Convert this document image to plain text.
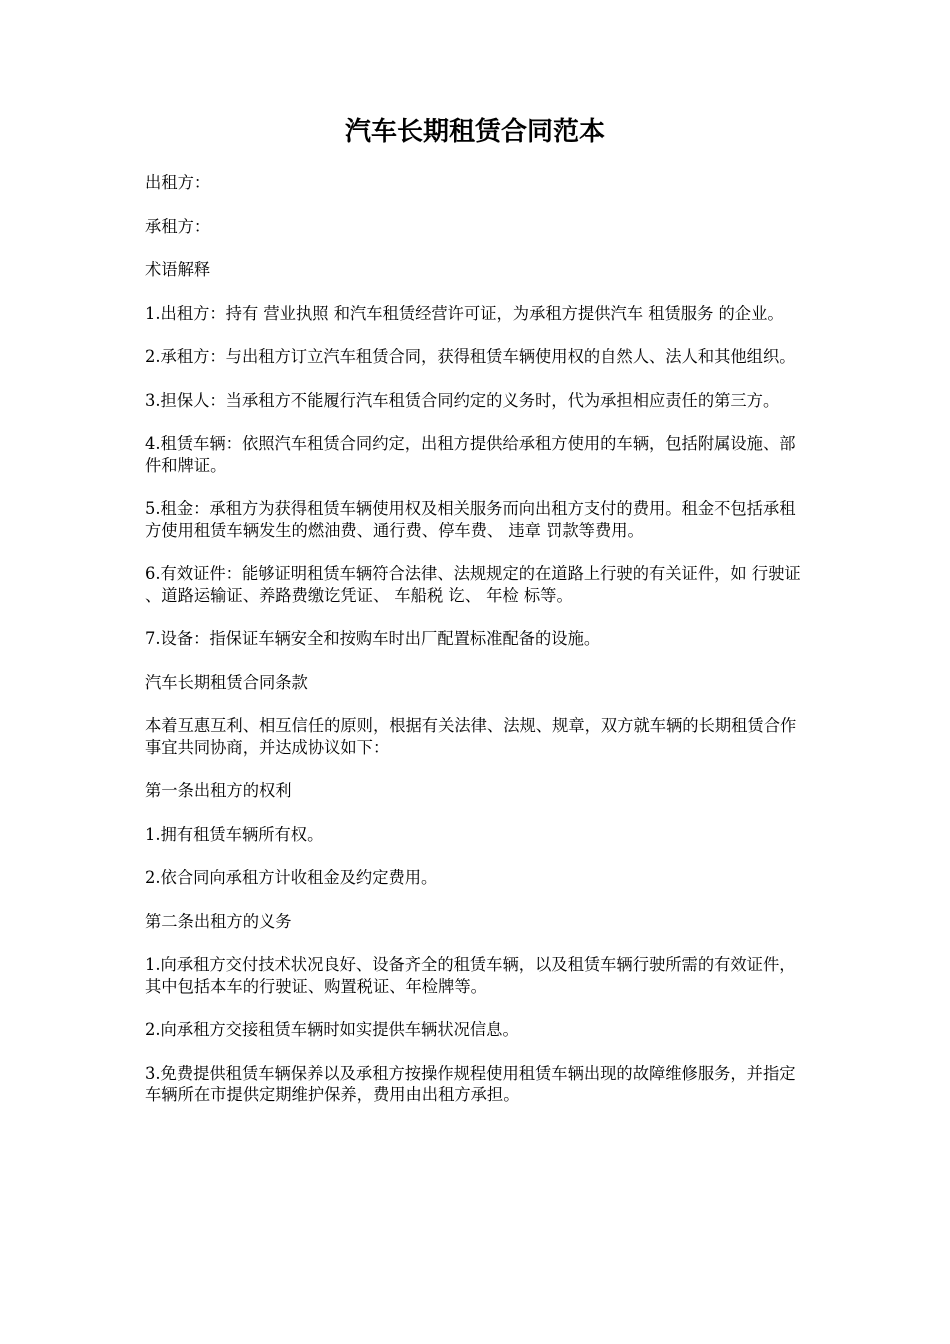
汽车长期租赁合同范本

出租方：

承租方：

术语解释

1.出租方：持有 营业执照 和汽车租赁经营许可证，为承租方提供汽车 租赁服务 的企业。

2.承租方：与出租方订立汽车租赁合同，获得租赁车辆使用权的自然人、法人和其他组织。

3.担保人：当承租方不能履行汽车租赁合同约定的义务时，代为承担相应责任的第三方。

4.租赁车辆：依照汽车租赁合同约定，出租方提供给承租方使用的车辆，包括附属设施、部件和牌证。

5.租金：承租方为获得租赁车辆使用权及相关服务而向出租方支付的费用。租金不包括承租方使用租赁车辆发生的燃油费、通行费、停车费、 违章 罚款等费用。

6.有效证件：能够证明租赁车辆符合法律、法规规定的在道路上行驶的有关证件，如 行驶证 、道路运输证、养路费缴讫凭证、 车船税 讫、 年检 标等。

7.设备：指保证车辆安全和按购车时出厂配置标准配备的设施。

汽车长期租赁合同条款

本着互惠互利、相互信任的原则，根据有关法律、法规、规章，双方就车辆的长期租赁合作事宜共同协商，并达成协议如下：

第一条出租方的权利

1.拥有租赁车辆所有权。

2.依合同向承租方计收租金及约定费用。

第二条出租方的义务

1.向承租方交付技术状况良好、设备齐全的租赁车辆，以及租赁车辆行驶所需的有效证件，其中包括本车的行驶证、购置税证、年检牌等。

2.向承租方交接租赁车辆时如实提供车辆状况信息。

3.免费提供租赁车辆保养以及承租方按操作规程使用租赁车辆出现的故障维修服务，并指定车辆所在市提供定期维护保养，费用由出租方承担。
